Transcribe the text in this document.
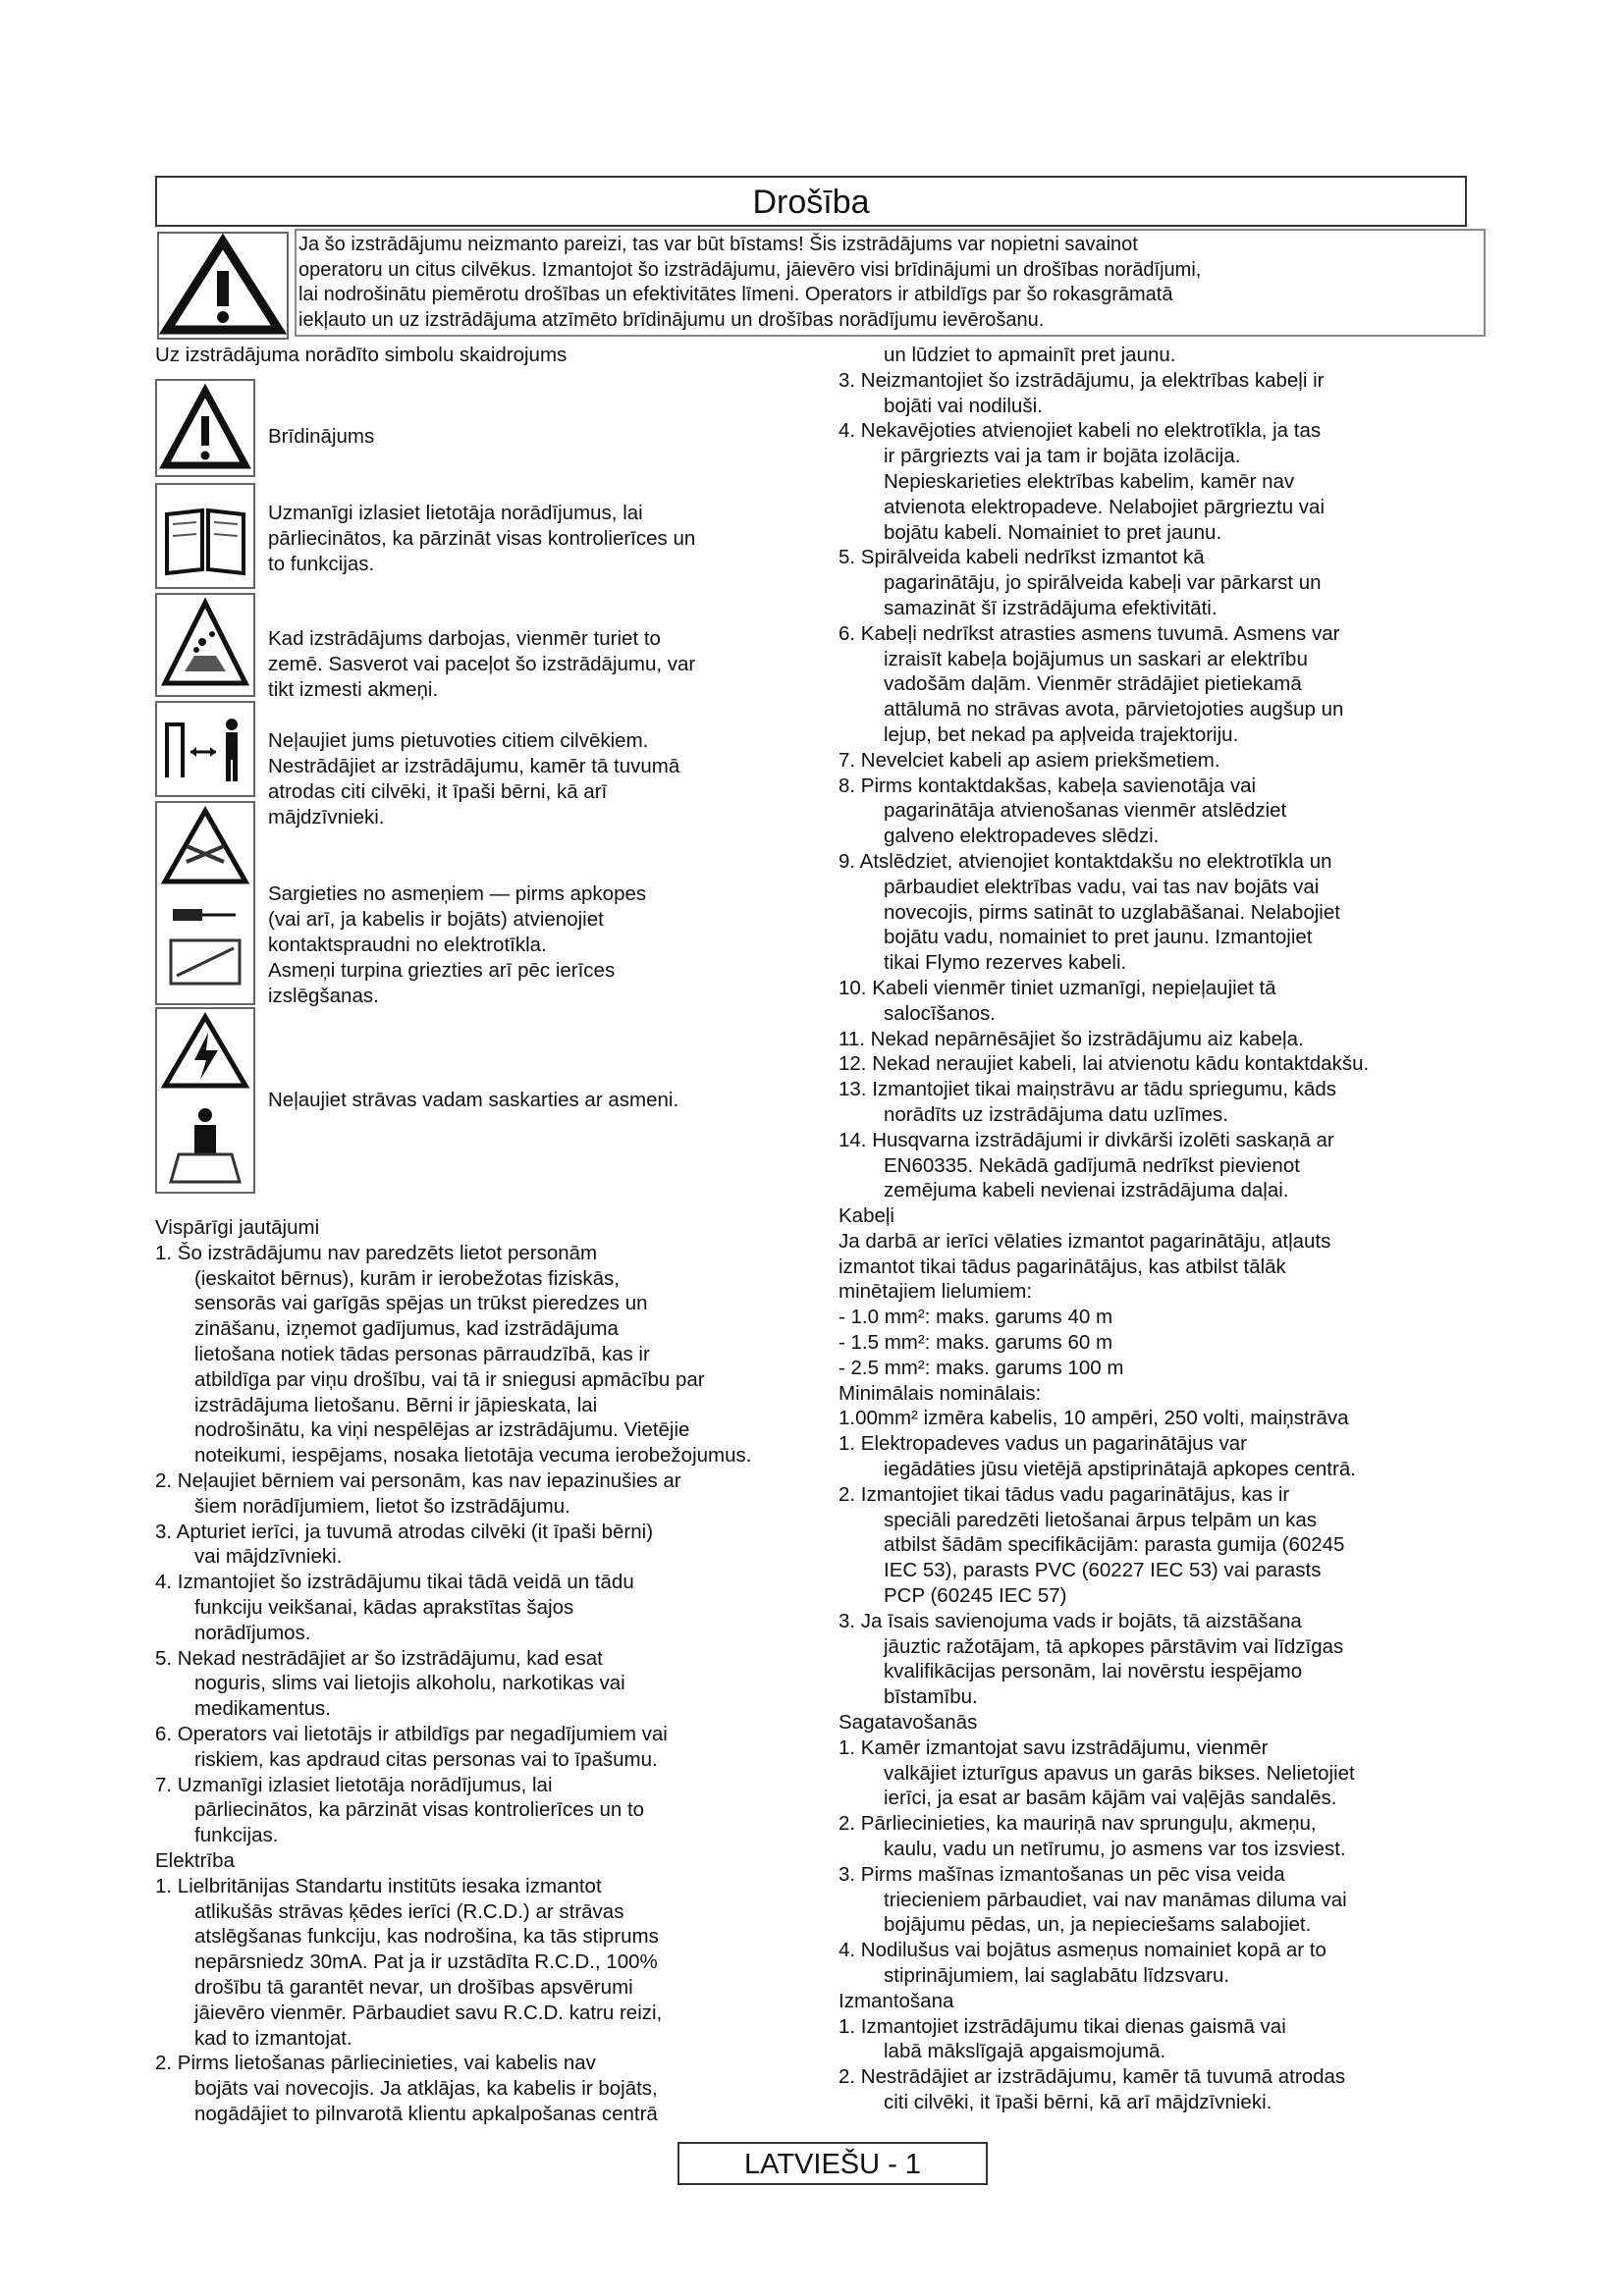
Drošība
Ja šo izstrādājumu neizmanto pareizi, tas var būt bīstams! Šis izstrādājums var nopietni savainot
operatoru un citus cilvēkus. Izmantojot šo izstrādājumu, jāievēro visi brīdinājumi un drošības norādījumi,
lai nodrošinātu piemērotu drošības un efektivitātes līmeni. Operators ir atbildīgs par šo rokasgrāmatā
iekļauto un uz izstrādājuma atzīmēto brīdinājumu un drošības norādījumu ievērošanu.
Uz izstrādājuma norādīto simbolu skaidrojums
Brīdinājums
Uzmanīgi izlasiet lietotāja norādījumus, lai
pārliecinātos, ka pārzināt visas kontrolierīces un
to funkcijas.
Kad izstrādājums darbojas, vienmēr turiet to
zemē. Sasverot vai paceļot šo izstrādājumu, var
tikt izmesti akmeņi.
Neļaujiet jums pietuvoties citiem cilvēkiem.
Nestrādājiet ar izstrādājumu, kamēr tā tuvumā
atrodas citi cilvēki, it īpaši bērni, kā arī
mājdzīvnieki.
Sargieties no asmeņiem — pirms apkopes
(vai arī, ja kabelis ir bojāts) atvienojiet
kontaktspraudni no elektrotīkla.
Asmeņi turpina griezties arī pēc ierīces
izslēgšanas.
Neļaujiet strāvas vadam saskarties ar asmeni.
Vispārīgi jautājumi
1. Šo izstrādājumu nav paredzēts lietot personām
(ieskaitot bērnus), kurām ir ierobežotas fiziskās,
sensorās vai garīgās spējas un trūkst pieredzes un
zināšanu, izņemot gadījumus, kad izstrādājuma
lietošana notiek tādas personas pārraudzībā, kas ir
atbildīga par viņu drošību, vai tā ir sniegusi apmācību par
izstrādājuma lietošanu. Bērni ir jāpieskata, lai
nodrošinātu, ka viņi nespēlējas ar izstrādājumu. Vietējie
noteikumi, iespējams, nosaka lietotāja vecuma ierobežojumus.
2. Neļaujiet bērniem vai personām, kas nav iepazinušies ar
šiem norādījumiem, lietot šo izstrādājumu.
3. Apturiet ierīci, ja tuvumā atrodas cilvēki (it īpaši bērni)
vai mājdzīvnieki.
4. Izmantojiet šo izstrādājumu tikai tādā veidā un tādu
funkciju veikšanai, kādas aprakstītas šajos
norādījumos.
5. Nekad nestrādājiet ar šo izstrādājumu, kad esat
noguris, slims vai lietojis alkoholu, narkotikas vai
medikamentus.
6. Operators vai lietotājs ir atbildīgs par negadījumiem vai
riskiem, kas apdraud citas personas vai to īpašumu.
7. Uzmanīgi izlasiet lietotāja norādījumus, lai
pārliecinātos, ka pārzināt visas kontrolierīces un to
funkcijas.
Elektrība
1. Lielbritānijas Standartu institūts iesaka izmantot
atlikušās strāvas ķēdes ierīci (R.C.D.) ar strāvas
atslēgšanas funkciju, kas nodrošina, ka tās stiprums
nepārsniedz 30mA. Pat ja ir uzstādīta R.C.D., 100%
drošību tā garantēt nevar, un drošības apsvērumi
jāievēro vienmēr. Pārbaudiet savu R.C.D. katru reizi,
kad to izmantojat.
2. Pirms lietošanas pārliecinieties, vai kabelis nav
bojāts vai novecojis. Ja atklājas, ka kabelis ir bojāts,
nogādājiet to pilnvarotā klientu apkalpošanas centrā
un lūdziet to apmainīt pret jaunu.
3. Neizmantojiet šo izstrādājumu, ja elektrības kabeļi ir
bojāti vai nodiluši.
4. Nekavējoties atvienojiet kabeli no elektrotīkla, ja tas
ir pārgriezts vai ja tam ir bojāta izolācija.
Nepieskarieties elektrības kabelim, kamēr nav
atvienota elektropadeve. Nelabojiet pārgrieztu vai
bojātu kabeli. Nomainiet to pret jaunu.
5. Spirālveida kabeli nedrīkst izmantot kā
pagarinātāju, jo spirālveida kabeļi var pārkarst un
samazināt šī izstrādājuma efektivitāti.
6. Kabeļi nedrīkst atrasties asmens tuvumā. Asmens var
izraisīt kabeļa bojājumus un saskari ar elektrību
vadošām daļām. Vienmēr strādājiet pietiekamā
attālumā no strāvas avota, pārvietojoties augšup un
lejup, bet nekad pa apļveida trajektoriju.
7. Nevelciet kabeli ap asiem priekšmetiem.
8. Pirms kontaktdakšas, kabeļa savienotāja vai
pagarinātāja atvienošanas vienmēr atslēdziet
galveno elektropadeves slēdzi.
9. Atslēdziet, atvienojiet kontaktdakšu no elektrotīkla un
pārbaudiet elektrības vadu, vai tas nav bojāts vai
novecojis, pirms satināt to uzglabāšanai. Nelabojiet
bojātu vadu, nomainiet to pret jaunu. Izmantojiet
tikai Flymo rezerves kabeli.
10. Kabeli vienmēr tiniet uzmanīgi, nepieļaujiet tā
salocīšanos.
11. Nekad nepārnēsājiet šo izstrādājumu aiz kabeļa.
12. Nekad neraujiet kabeli, lai atvienotu kādu kontaktdakšu.
13. Izmantojiet tikai maiņstrāvu ar tādu spriegumu, kāds
norādīts uz izstrādājuma datu uzlīmes.
14. Husqvarna izstrādājumi ir divkārši izolēti saskaņā ar
EN60335. Nekādā gadījumā nedrīkst pievienot
zemējuma kabeli nevienai izstrādājuma daļai.
Kabeļi
Ja darbā ar ierīci vēlaties izmantot pagarinātāju, atļauts
izmantot tikai tādus pagarinātājus, kas atbilst tālāk
minētajiem lielumiem:
- 1.0 mm²: maks. garums 40 m
- 1.5 mm²: maks. garums 60 m
- 2.5 mm²: maks. garums 100 m
Minimālais nominālais:
1.00mm² izmēra kabelis, 10 ampēri, 250 volti, maiņstrāva
1. Elektropadeves vadus un pagarinātājus var
iegādāties jūsu vietējā apstiprinātajā apkopes centrā.
2. Izmantojiet tikai tādus vadu pagarinātājus, kas ir
speciāli paredzēti lietošanai ārpus telpām un kas
atbilst šādām specifikācijām: parasta gumija (60245
IEC 53), parasts PVC (60227 IEC 53) vai parasts
PCP (60245 IEC 57)
3. Ja īsais savienojuma vads ir bojāts, tā aizstāšana
jāuztic ražotājam, tā apkopes pārstāvim vai līdzīgas
kvalifikācijas personām, lai novērstu iespējamo
bīstamību.
Sagatavošanās
1. Kamēr izmantojat savu izstrādājumu, vienmēr
valkājiet izturīgus apavus un garās bikses. Nelietojiet
ierīci, ja esat ar basām kājām vai vaļējās sandalēs.
2. Pārliecinieties, ka mauriņā nav sprunguļu, akmeņu,
kaulu, vadu un netīrumu, jo asmens var tos izsviest.
3. Pirms mašīnas izmantošanas un pēc visa veida
triecieniem pārbaudiet, vai nav manāmas diluma vai
bojājumu pēdas, un, ja nepieciešams salabojiet.
4. Nodilušus vai bojātus asmeņus nomainiet kopā ar to
stiprinājumiem, lai saglabātu līdzsvaru.
Izmantošana
1. Izmantojiet izstrādājumu tikai dienas gaismā vai
labā mākslīgajā apgaismojumā.
2. Nestrādājiet ar izstrādājumu, kamēr tā tuvumā atrodas
citi cilvēki, it īpaši bērni, kā arī mājdzīvnieki.
LATVIEŠU - 1
